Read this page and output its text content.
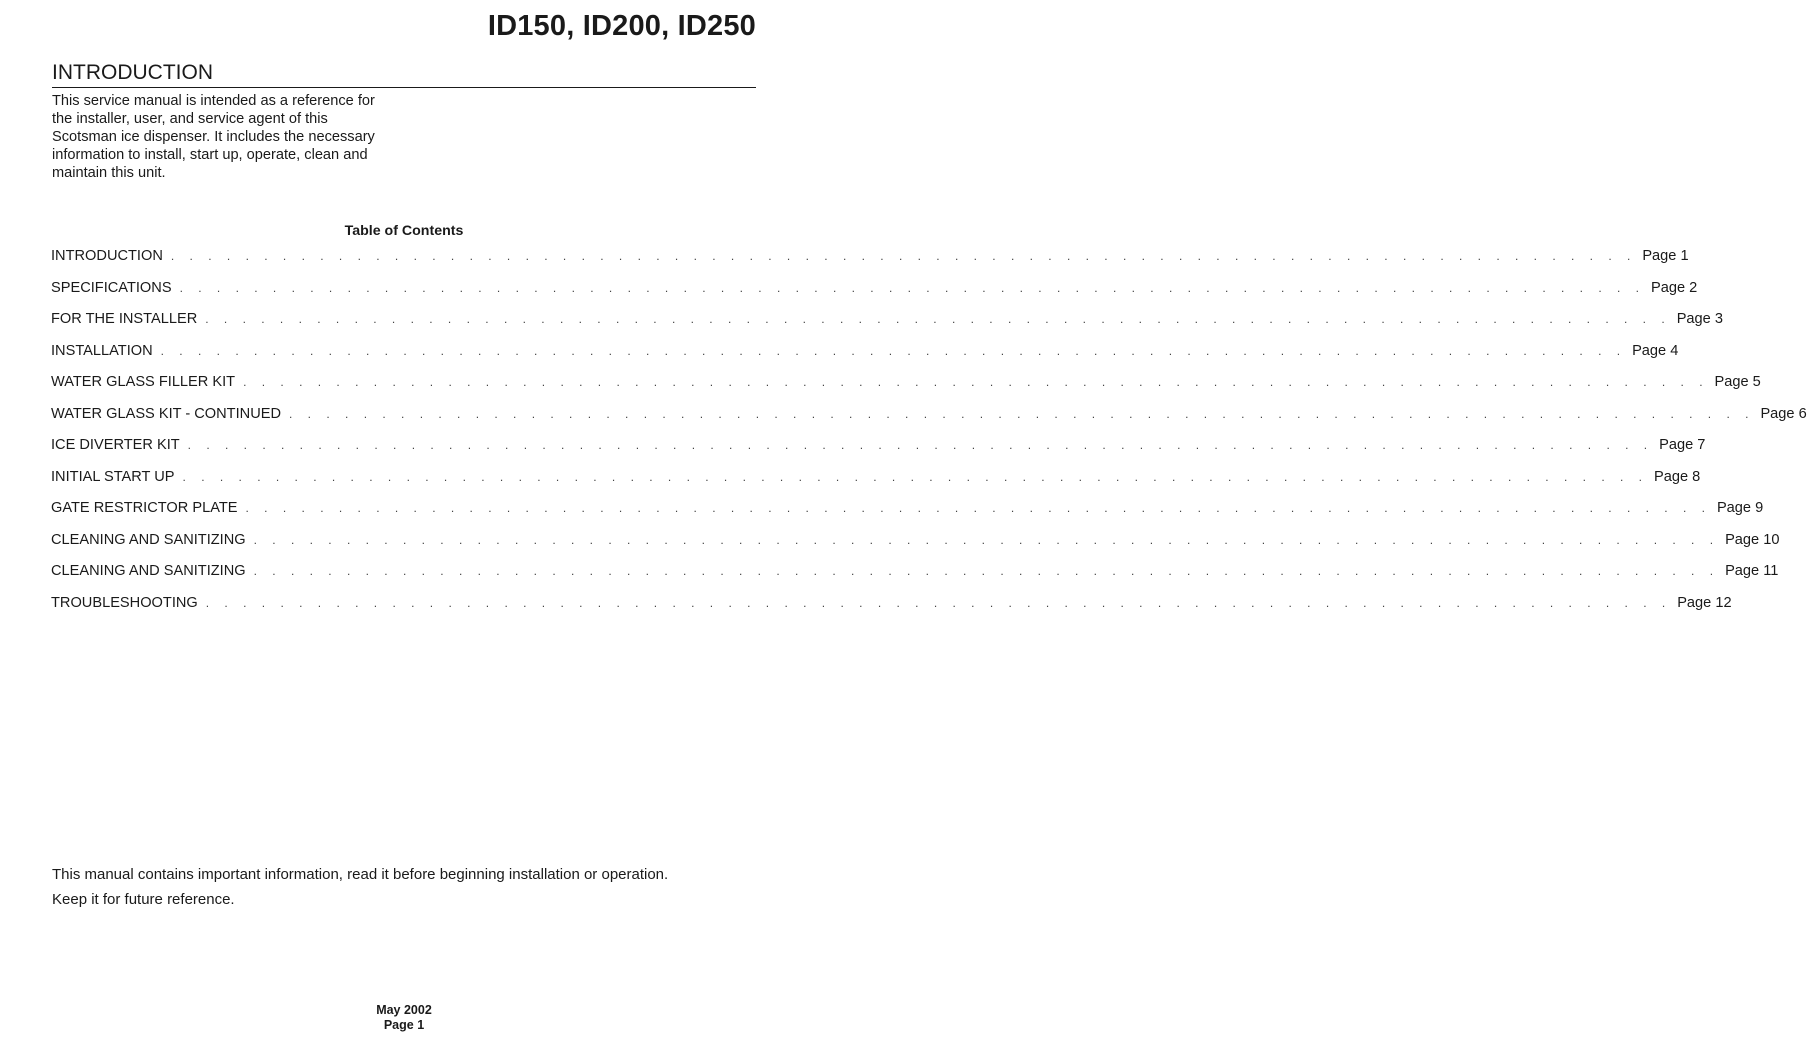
ID150, ID200, ID250
INTRODUCTION

This service manual is intended as a reference for the installer, user, and service agent of this Scotsman ice dispenser. It includes the necessary information to install, start up, operate, clean and maintain this unit.

Table of Contents
INTRODUCTION . . . . . . . . . . . . . . . . . . . . . . . . . . . . . . . . . . . . . . . . . . . . . . . . . . . . . . . . . . . . . . . . . . . . . . . . . . . . . . . Page 1
SPECIFICATIONS . . . . . . . . . . . . . . . . . . . . . . . . . . . . . . . . . . . . . . . . . . . . . . . . . . . . . . . . . . . . . . . . . . . . . . . . . . . . . . . Page 2
FOR THE INSTALLER . . . . . . . . . . . . . . . . . . . . . . . . . . . . . . . . . . . . . . . . . . . . . . . . . . . . . . . . . . . . . . . . . . . . . . . . . . . . . . . Page 3
INSTALLATION . . . . . . . . . . . . . . . . . . . . . . . . . . . . . . . . . . . . . . . . . . . . . . . . . . . . . . . . . . . . . . . . . . . . . . . . . . . . . . . Page 4
WATER GLASS FILLER KIT . . . . . . . . . . . . . . . . . . . . . . . . . . . . . . . . . . . . . . . . . . . . . . . . . . . . . . . . . . . . . . . . . . . . . . . . . . . . . . . Page 5
WATER GLASS KIT - CONTINUED . . . . . . . . . . . . . . . . . . . . . . . . . . . . . . . . . . . . . . . . . . . . . . . . . . . . . . . . . . . . . . . . . . . . . . . . . . . . . . . Page 6
ICE DIVERTER KIT . . . . . . . . . . . . . . . . . . . . . . . . . . . . . . . . . . . . . . . . . . . . . . . . . . . . . . . . . . . . . . . . . . . . . . . . . . . . . . . Page 7
INITIAL START UP . . . . . . . . . . . . . . . . . . . . . . . . . . . . . . . . . . . . . . . . . . . . . . . . . . . . . . . . . . . . . . . . . . . . . . . . . . . . . . . Page 8
GATE RESTRICTOR PLATE . . . . . . . . . . . . . . . . . . . . . . . . . . . . . . . . . . . . . . . . . . . . . . . . . . . . . . . . . . . . . . . . . . . . . . . . . . . . . . . Page 9
CLEANING AND SANITIZING . . . . . . . . . . . . . . . . . . . . . . . . . . . . . . . . . . . . . . . . . . . . . . . . . . . . . . . . . . . . . . . . . . . . . . . . . . . . . . . Page 10
CLEANING AND SANITIZING . . . . . . . . . . . . . . . . . . . . . . . . . . . . . . . . . . . . . . . . . . . . . . . . . . . . . . . . . . . . . . . . . . . . . . . . . . . . . . . Page 11
TROUBLESHOOTING . . . . . . . . . . . . . . . . . . . . . . . . . . . . . . . . . . . . . . . . . . . . . . . . . . . . . . . . . . . . . . . . . . . . . . . . . . . . . . . Page 12
This manual contains important information, read it before beginning installation or operation.
Keep it for future reference.
May 2002
Page 1
